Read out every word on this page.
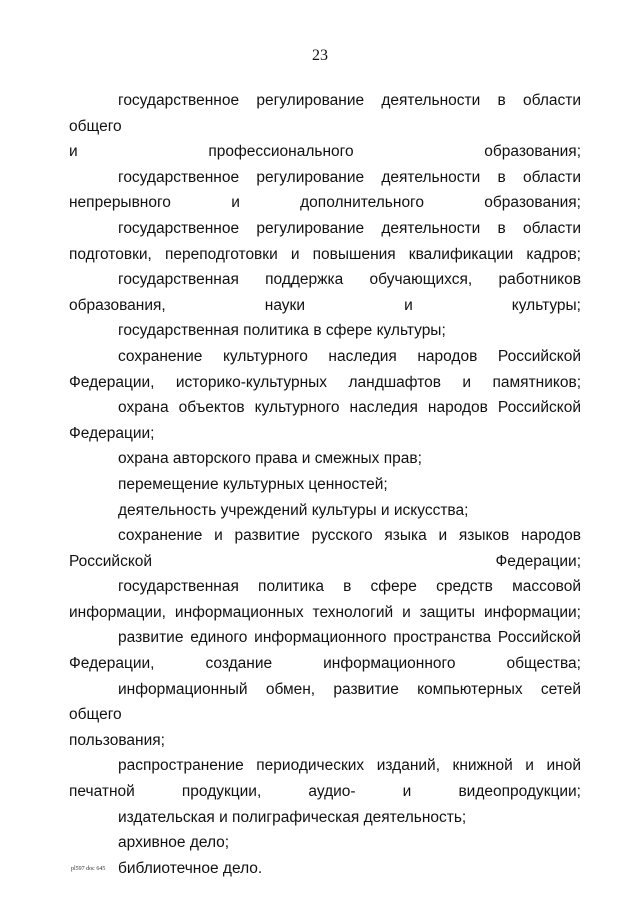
23

государственное регулирование деятельности в области общего
и профессионального образования;

государственное регулирование деятельности в области
непрерывного и дополнительного образования;

государственное регулирование деятельности в области
подготовки, переподготовки и повышения квалификации кадров;

государственная поддержка обучающихся, работников
образования, науки и культуры;

государственная политика в сфере культуры;

сохранение культурного наследия народов Российской
Федерации, историко-культурных ландшафтов и памятников;

охрана объектов культурного наследия народов Российской
Федерации;

охрана авторского права и смежных прав;

перемещение культурных ценностей;

деятельность учреждений культуры и искусства;

сохранение и развитие русского языка и языков народов
Российской Федерации;

государственная политика в сфере средств массовой
информации, информационных технологий и защиты информации;

развитие единого информационного пространства Российской
Федерации, создание информационного общества;

информационный обмен, развитие компьютерных сетей общего
пользования;

распространение периодических изданий, книжной и иной
печатной продукции, аудио- и видеопродукции;

издательская и полиграфическая деятельность;

архивное дело;

библиотечное дело.

pl597 doc 645
